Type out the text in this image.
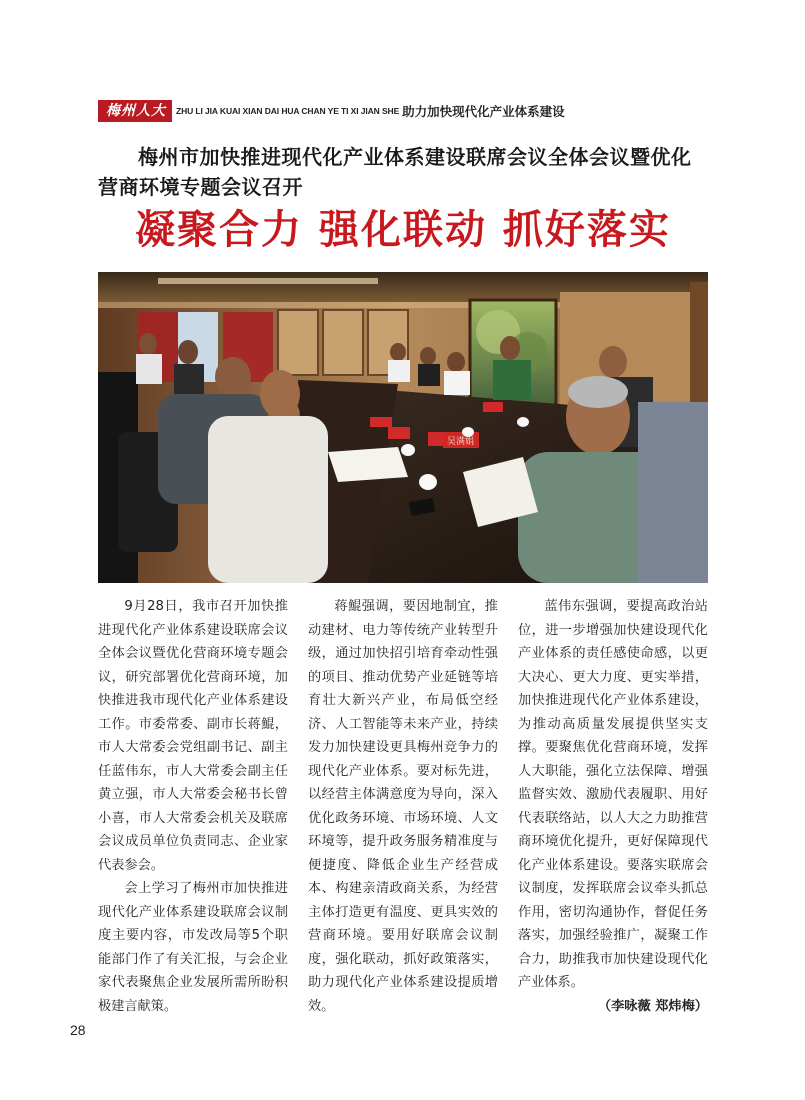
梅州人大	ZHU LI JIA KUAI XIAN DAI HUA CHAN YE TI XI JIAN SHE 助力加快现代化产业体系建设
梅州市加快推进现代化产业体系建设联席会议全体会议暨优化营商环境专题会议召开
凝聚合力 强化联动 抓好落实
吴满娟

9月28日，我市召开加快推进现代化产业体系建设联席会议全体会议暨优化营商环境专题会议，研究部署优化营商环境，加快推进我市现代化产业体系建设工作。市委常委、副市长蒋鯤，市人大常委会党组副书记、副主任蓝伟东，市人大常委会副主任黄立强，市人大常委会秘书长曾小喜，市人大常委会机关及联席会议成员单位负责同志、企业家代表参会。

会上学习了梅州市加快推进现代化产业体系建设联席会议制度主要内容，市发改局等5个职能部门作了有关汇报，与会企业家代表聚焦企业发展所需所盼积极建言献策。

蒋鯤强调，要因地制宜，推动建材、电力等传统产业转型升级，通过加快招引培育牵动性强的项目、推动优势产业延链等培育壮大新兴产业，布局低空经济、人工智能等未来产业，持续发力加快建设更具梅州竞争力的现代化产业体系。要对标先进，以经营主体满意度为导向，深入优化政务环境、市场环境、人文环境等，提升政务服务精准度与便捷度、降低企业生产经营成本、构建亲清政商关系，为经营主体打造更有温度、更具实效的营商环境。要用好联席会议制度，强化联动，抓好政策落实，助力现代化产业体系建设提质增效。

蓝伟东强调，要提高政治站位，进一步增强加快建设现代化产业体系的责任感使命感，以更大决心、更大力度、更实举措，加快推进现代化产业体系建设，为推动高质量发展提供坚实支撑。要聚焦优化营商环境，发挥人大职能，强化立法保障、增强监督实效、激励代表履职、用好代表联络站，以人大之力助推营商环境优化提升，更好保障现代化产业体系建设。要落实联席会议制度，发挥联席会议牵头抓总作用，密切沟通协作，督促任务落实，加强经验推广，凝聚工作合力，助推我市加快建设现代化产业体系。

（李咏薇 郑炜梅）

28
